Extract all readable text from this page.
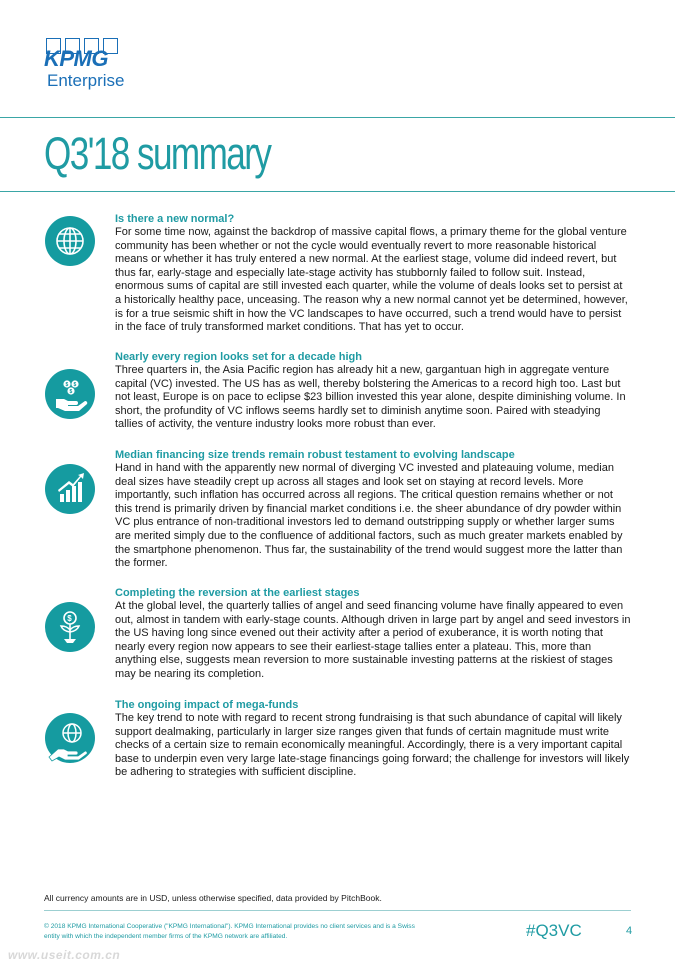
KPMG
Enterprise
Q3'18 summary
Is there a new normal?

For some time now, against the backdrop of massive capital flows, a primary theme for the global venture community has been whether or not the cycle would eventually revert to more reasonable historical means or whether it has truly entered a new normal. At the earliest stage, volume did indeed revert, but thus far, early-stage and especially late-stage activity has stubbornly failed to follow suit. Instead, enormous sums of capital are still invested each quarter, while the volume of deals looks set to persist at a historically healthy pace, unceasing. The reason why a new normal cannot yet be determined, however, is for a true seismic shift in how the VC landscapes to have occurred, such a trend would have to persist in the face of truly transformed market conditions. That has yet to occur.

$ $
$
Nearly every region looks set for a decade high

Three quarters in, the Asia Pacific region has already hit a new, gargantuan high in aggregate venture capital (VC) invested. The US has as well, thereby bolstering the Americas to a record high too. Last but not least, Europe is on pace to eclipse $23 billion invested this year alone, despite diminishing volume. In short, the profundity of VC inflows seems hardly set to diminish anytime soon. Paired with steadying tallies of activity, the venture industry looks more robust than ever.

Median financing size trends remain robust testament to evolving landscape

Hand in hand with the apparently new normal of diverging VC invested and plateauing volume, median deal sizes have steadily crept up across all stages and look set on staying at record levels. More importantly, such inflation has occurred across all regions. The critical question remains whether or not this trend is primarily driven by financial market conditions i.e. the sheer abundance of dry powder within VC plus entrance of non-traditional investors led to demand outstripping supply or whether larger sums are merited simply due to the confluence of additional factors, such as much greater markets enabled by the smartphone phenomenon. Thus far, the sustainability of the trend would suggest more the latter than the former.

$
Completing the reversion at the earliest stages

At the global level, the quarterly tallies of angel and seed financing volume have finally appeared to even out, almost in tandem with early-stage counts. Although driven in large part by angel and seed investors in the US having long since evened out their activity after a period of exuberance, it is worth noting that nearly every region now appears to see their earliest-stage tallies enter a plateau. This, more than anything else, suggests mean reversion to more sustainable investing patterns at the riskiest of stages may be nearing its completion.

The ongoing impact of mega-funds

The key trend to note with regard to recent strong fundraising is that such abundance of capital will likely support dealmaking, particularly in larger size ranges given that funds of certain magnitude must write checks of a certain size to remain economically meaningful. Accordingly, there is a very important capital base to underpin even very large late-stage financings going forward; the challenge for investors will likely be adhering to strategies with sufficient discipline.

All currency amounts are in USD, unless otherwise specified, data provided by PitchBook.
© 2018 KPMG International Cooperative ("KPMG International"). KPMG International provides no client services and is a Swiss entity with which the independent member firms of the KPMG network are affiliated.	#Q3VC	4
www.useit.com.cn
